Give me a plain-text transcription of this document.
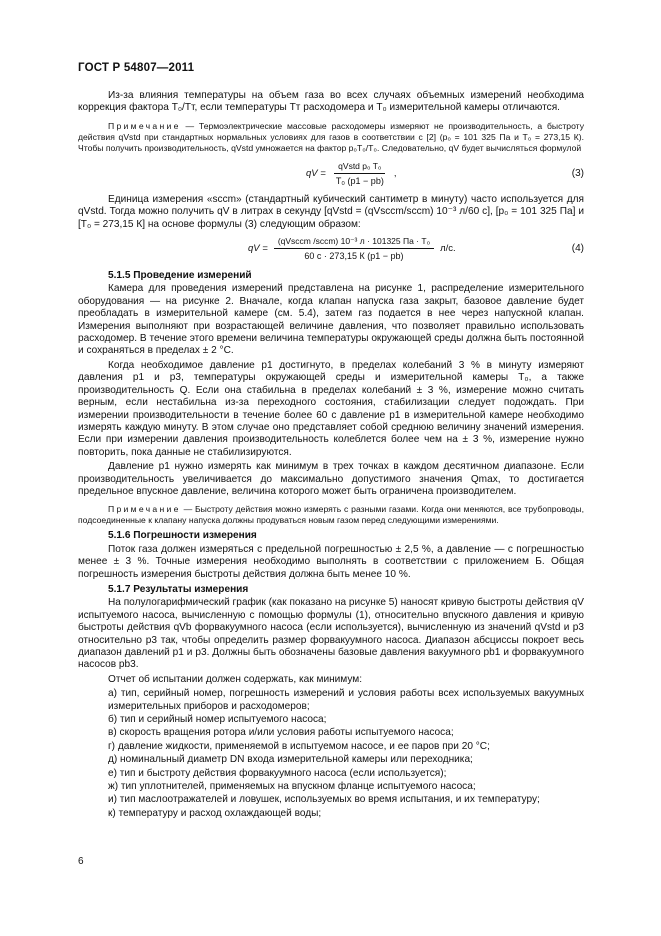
ГОСТ Р 54807—2011

Из-за влияния температуры на объем газа во всех случаях объемных измерений необходима коррекция фактора T₀/Tт, если температуры Tт расходомера и T₀ измерительной камеры отличаются.

Примечание — Термоэлектрические массовые расходомеры измеряют не производительность, а быстроту действия qVstd при стандартных нормальных условиях для газов в соответствии с [2] (p₀ = 101 325 Па и T₀ = 273,15 К). Чтобы получить производительность, qVstd умножается на фактор p₀T₀/T₀. Следовательно, qV будет вычисляться формулой

qV =
qVstd p₀ T₀
T₀ (p1 − pb)
,	(3)

Единица измерения «sccm» (стандартный кубический сантиметр в минуту) часто используется для qVstd. Тогда можно получить qV в литрах в секунду [qVstd = (qVsccm/sccm) 10⁻³ л/60 с], [p₀ = 101 325 Па] и [T₀ = 273,15 К] на основе формулы (3) следующим образом:

qV =
(qVsccm /sccm) 10⁻³ л · 101325 Па · T₀
60 с · 273,15 К (p1 − pb)
л/с.	(4)
5.1.5 Проведение измерений

Камера для проведения измерений представлена на рисунке 1, распределение измерительного оборудования — на рисунке 2. Вначале, когда клапан напуска газа закрыт, базовое давление будет преобладать в измерительной камере (см. 5.4), затем газ подается в нее через напускной клапан. Измерения выполняют при возрастающей величине давления, что позволяет правильно использовать расходомер. В течение этого времени величина температуры окружающей среды должна быть постоянной и сохраняться в пределах ± 2 °С.

Когда необходимое давление p1 достигнуто, в пределах колебаний 3 % в минуту измеряют давления p1 и p3, температуры окружающей среды и измерительной камеры T₀, а также производительность Q. Если она стабильна в пределах колебаний ± 3 %, измерение можно считать верным, если нестабильна из-за переходного состояния, стабилизации следует подождать. При измерении производительности в течение более 60 с давление p1 в измерительной камере необходимо измерять каждую минуту. В этом случае оно представляет собой среднюю величину значений измерения. Если при измерении давления производительность колеблется более чем на ± 3 %, измерение нужно повторить, пока данные не стабилизируются.

Давление p1 нужно измерять как минимум в трех точках в каждом десятичном диапазоне. Если производительность увеличивается до максимально допустимого значения Qmax, то достигается предельное впускное давление, величина которого может быть ограничена производителем.

Примечание — Быстроту действия можно измерять с разными газами. Когда они меняются, все трубопроводы, подсоединенные к клапану напуска должны продуваться новым газом перед следующими измерениями.

5.1.6 Погрешности измерения

Поток газа должен измеряться с предельной погрешностью ± 2,5 %, а давление — с погрешностью менее ± 3 %. Точные измерения необходимо выполнять в соответствии с приложением Б. Общая погрешность измерения быстроты действия должна быть менее 10 %.

5.1.7 Результаты измерения

На полулогарифмический график (как показано на рисунке 5) наносят кривую быстроты действия qV испытуемого насоса, вычисленную с помощью формулы (1), относительно впускного давления и кривую быстроты действия qVb форвакуумного насоса (если используется), вычисленную из значений qVstd и p3 относительно p3 так, чтобы определить размер форвакуумного насоса. Диапазон абсциссы покроет весь диапазон давлений p1 и p3. Должны быть обозначены базовые давления вакуумного pb1 и форвакуумного насосов pb3.

Отчет об испытании должен содержать, как минимум:

а) тип, серийный номер, погрешность измерений и условия работы всех используемых вакуумных измерительных приборов и расходомеров;
б) тип и серийный номер испытуемого насоса;
в) скорость вращения ротора и/или условия работы испытуемого насоса;
г) давление жидкости, применяемой в испытуемом насосе, и ее паров при 20 °С;
д) номинальный диаметр DN входа измерительной камеры или переходника;
е) тип и быстроту действия форвакуумного насоса (если используется);
ж) тип уплотнителей, применяемых на впускном фланце испытуемого насоса;
и) тип маслоотражателей и ловушек, используемых во время испытания, и их температуру;
к) температуру и расход охлаждающей воды;
6
